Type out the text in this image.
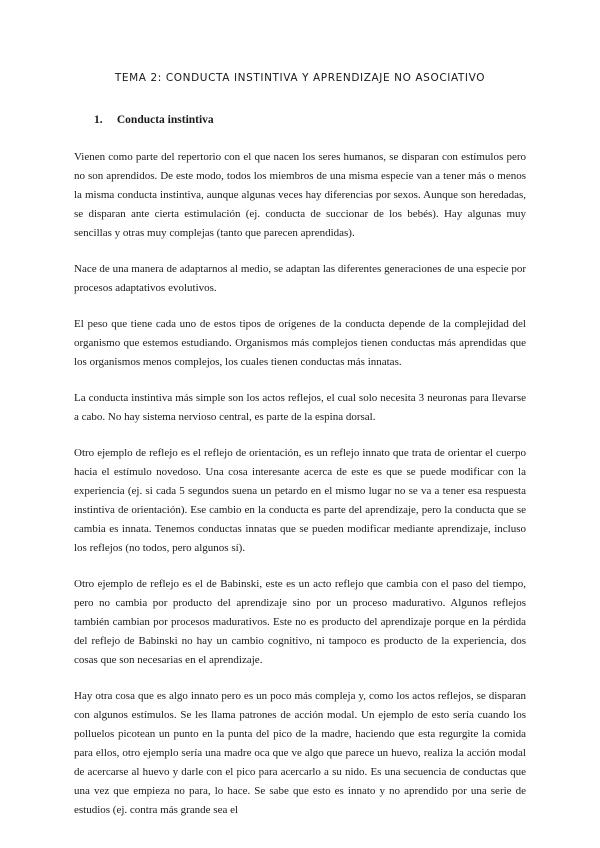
TEMA 2: CONDUCTA INSTINTIVA Y APRENDIZAJE NO ASOCIATIVO
1. Conducta instintiva

Vienen como parte del repertorio con el que nacen los seres humanos, se disparan con estímulos pero no son aprendidos. De este modo, todos los miembros de una misma especie van a tener más o menos la misma conducta instintiva, aunque algunas veces hay diferencias por sexos. Aunque son heredadas, se disparan ante cierta estimulación (ej. conducta de succionar de los bebés). Hay algunas muy sencillas y otras muy complejas (tanto que parecen aprendidas).

Nace de una manera de adaptarnos al medio, se adaptan las diferentes generaciones de una especie por procesos adaptativos evolutivos.

El peso que tiene cada uno de estos tipos de orígenes de la conducta depende de la complejidad del organismo que estemos estudiando. Organismos más complejos tienen conductas más aprendidas que los organismos menos complejos, los cuales tienen conductas más innatas.

La conducta instintiva más simple son los actos reflejos, el cual solo necesita 3 neuronas para llevarse a cabo. No hay sistema nervioso central, es parte de la espina dorsal.

Otro ejemplo de reflejo es el reflejo de orientación, es un reflejo innato que trata de orientar el cuerpo hacia el estímulo novedoso. Una cosa interesante acerca de este es que se puede modificar con la experiencia (ej. si cada 5 segundos suena un petardo en el mismo lugar no se va a tener esa respuesta instintiva de orientación). Ese cambio en la conducta es parte del aprendizaje, pero la conducta que se cambia es innata. Tenemos conductas innatas que se pueden modificar mediante aprendizaje, incluso los reflejos (no todos, pero algunos sí).

Otro ejemplo de reflejo es el de Babinski, este es un acto reflejo que cambia con el paso del tiempo, pero no cambia por producto del aprendizaje sino por un proceso madurativo. Algunos reflejos también cambian por procesos madurativos. Este no es producto del aprendizaje porque en la pérdida del reflejo de Babinski no hay un cambio cognitivo, ni tampoco es producto de la experiencia, dos cosas que son necesarias en el aprendizaje.

Hay otra cosa que es algo innato pero es un poco más compleja y, como los actos reflejos, se disparan con algunos estímulos. Se les llama patrones de acción modal. Un ejemplo de esto sería cuando los polluelos picotean un punto en la punta del pico de la madre, haciendo que esta regurgite la comida para ellos, otro ejemplo sería una madre oca que ve algo que parece un huevo, realiza la acción modal de acercarse al huevo y darle con el pico para acercarlo a su nido. Es una secuencia de conductas que una vez que empieza no para, lo hace. Se sabe que esto es innato y no aprendido por una serie de estudios (ej. contra más grande sea el
